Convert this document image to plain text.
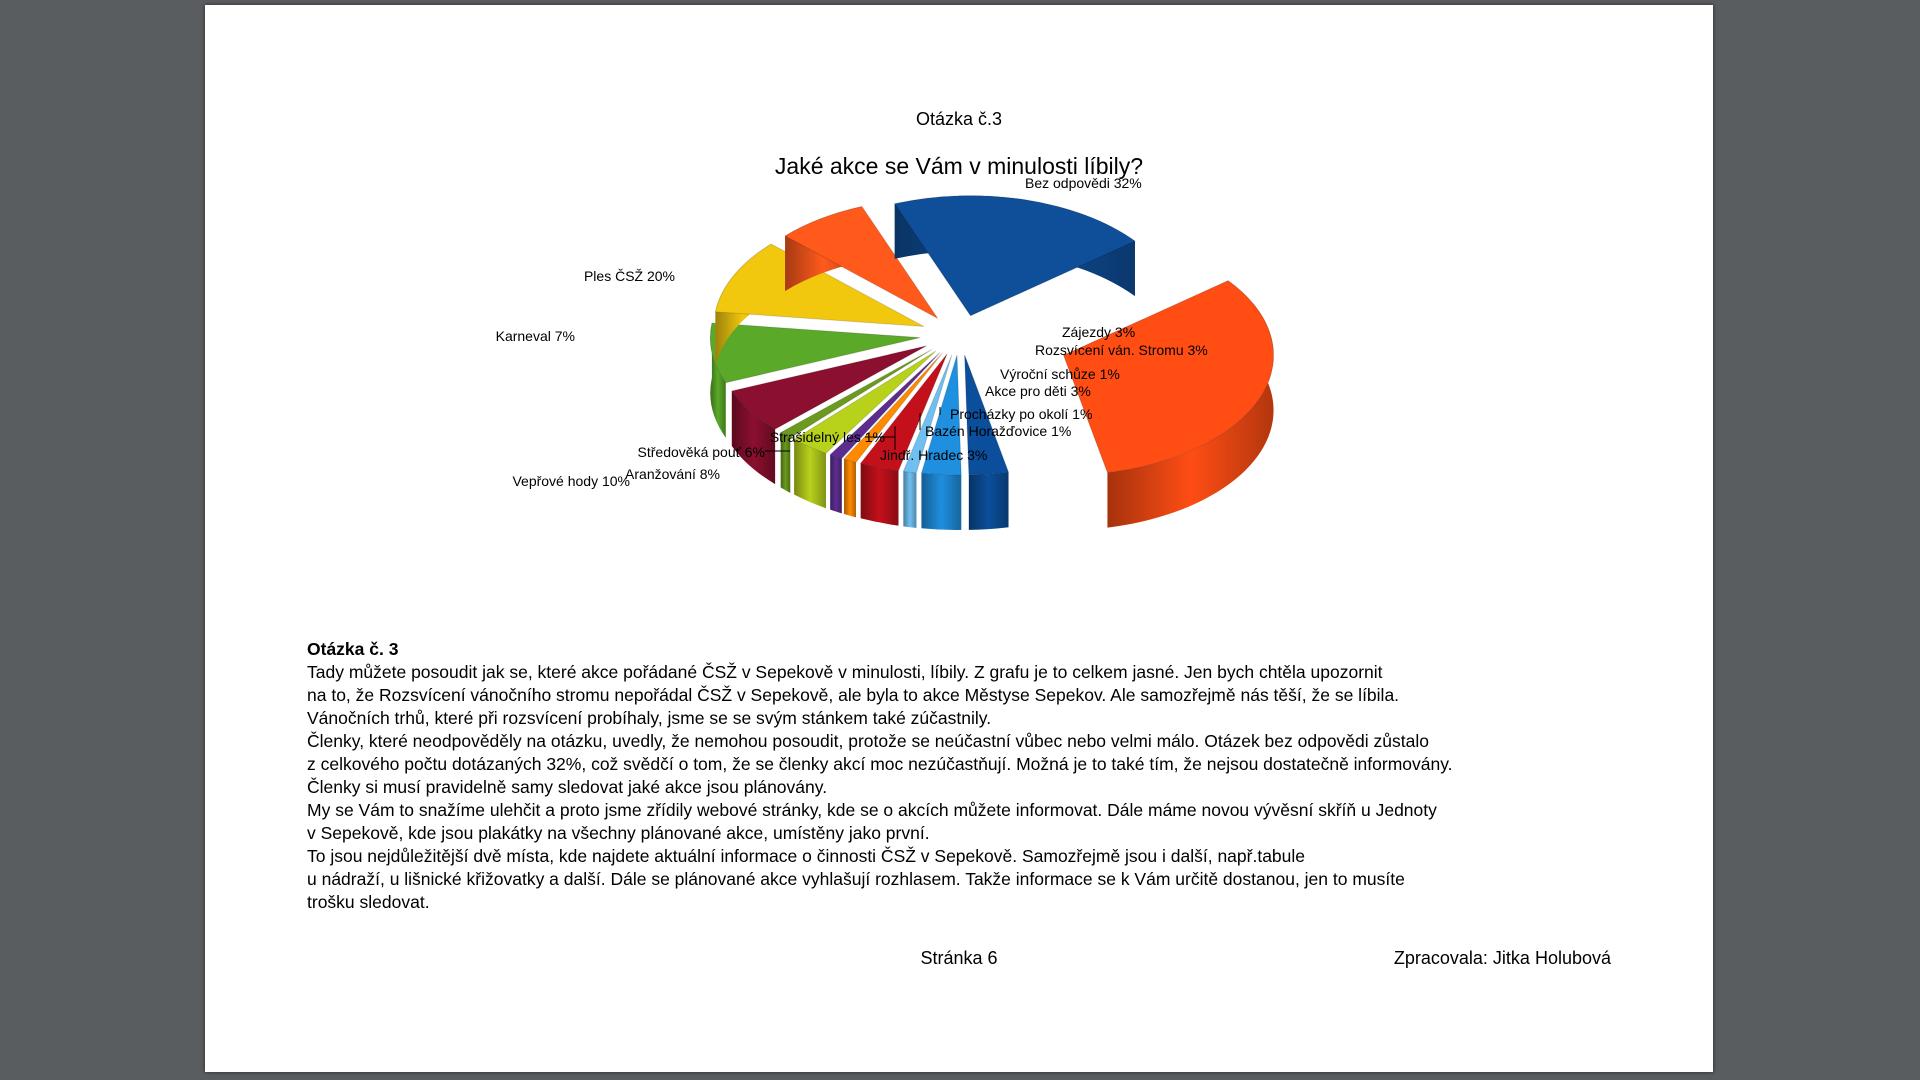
Otázka č.3
Jaké akce se Vám v minulosti líbily?
Bez odpovědi 32%
Zájezdy 3%
Rozsvícení ván. Stromu 3%
Výroční schůze 1%
Akce pro děti 3%
Procházky po okolí 1%
Bazén Horažďovice 1%
Jindř. Hradec 3%
Strašidelný les 1%
Středověká pouť 6%
Aranžování 8%
Vepřové hody 10%
Karneval 7%
Ples ČSŽ 20%

Otázka č. 3

Tady můžete posoudit jak se, které akce pořádané ČSŽ v Sepekově v minulosti, líbily. Z grafu je to celkem jasné. Jen bych chtěla upozornit

na to, že Rozsvícení vánočního stromu nepořádal ČSŽ v Sepekově, ale byla to akce Městyse Sepekov. Ale samozřejmě nás těší, že se líbila.

Vánočních trhů, které při rozsvícení probíhaly, jsme se se svým stánkem také zúčastnily.

Členky, které neodpověděly na otázku, uvedly, že nemohou posoudit, protože se neúčastní vůbec nebo velmi málo. Otázek bez odpovědi zůstalo

z celkového počtu dotázaných 32%, což svědčí o tom, že se členky akcí moc nezúčastňují. Možná je to také tím, že nejsou dostatečně informovány.

Členky si musí pravidelně samy sledovat jaké akce jsou plánovány.

My se Vám to snažíme ulehčit a proto jsme zřídily webové stránky, kde se o akcích můžete informovat. Dále máme novou vývěsní skříň u Jednoty

v Sepekově, kde jsou plakátky na všechny plánované akce, umístěny jako první.

To jsou nejdůležitější dvě místa, kde najdete aktuální informace o činnosti ČSŽ v Sepekově. Samozřejmě jsou i další, např.tabule

u nádraží, u lišnické křižovatky a další. Dále se plánované akce vyhlašují rozhlasem. Takže informace se k Vám určitě dostanou, jen to musíte

trošku sledovat.

Stránka 6	Zpracovala: Jitka Holubová
